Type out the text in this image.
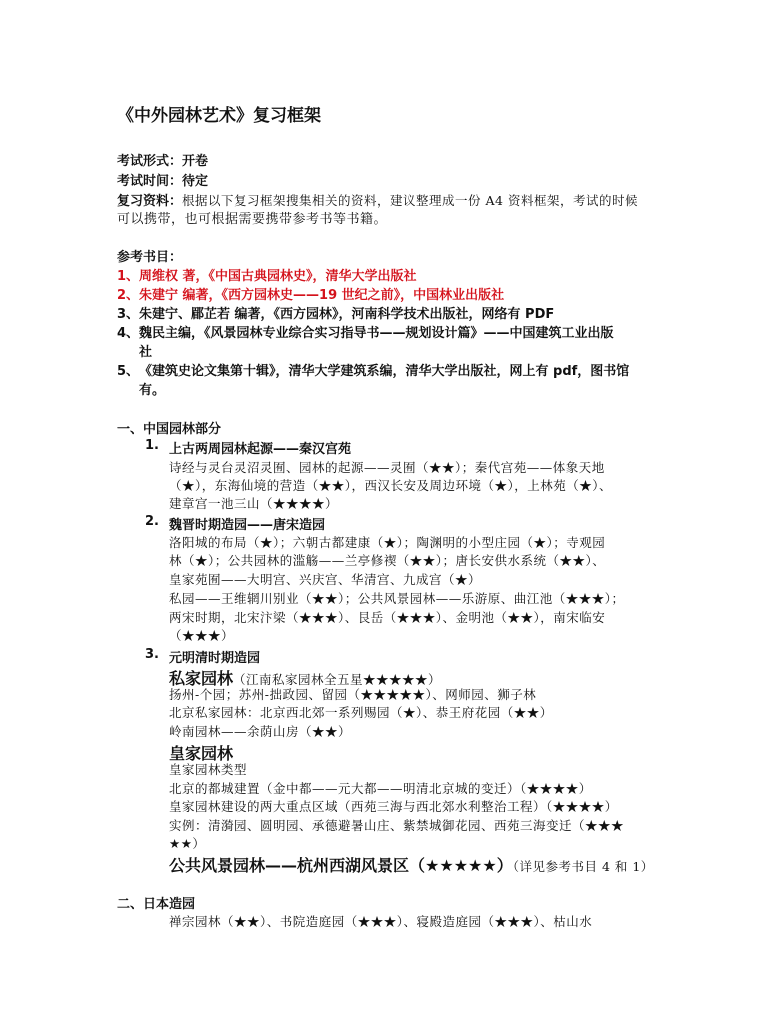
《中外园林艺术》复习框架
考试形式：开卷
考试时间：待定
复习资料：根据以下复习框架搜集相关的资料，建议整理成一份 A4 资料框架，考试的时候
可以携带，也可根据需要携带参考书等书籍。
参考书目：
1、周维权 著，《中国古典园林史》，清华大学出版社
2、朱建宁 编著，《西方园林史——19 世纪之前》，中国林业出版社
3、朱建宁、郿芷若 编著，《西方园林》，河南科学技术出版社，网络有 PDF
4、魏民主编，《风景园林专业综合实习指导书——规划设计篇》——中国建筑工业出版
社
5、《建筑史论文集第十辑》，清华大学建筑系编，清华大学出版社，网上有 pdf，图书馆
有。
一、中国园林部分
1. 上古两周园林起源——秦汉宫苑
诗经与灵台灵沼灵囿、园林的起源——灵囿（★★）；秦代宫苑——体象天地
（★），东海仙境的营造（★★），西汉长安及周边环境（★），上林苑（★）、
建章宫一池三山（★★★★）
2. 魏晋时期造园——唐宋造园
洛阳城的布局（★）；六朝古都建康（★）；陶渊明的小型庄园（★）；寺观园
林（★）；公共园林的滥觞——兰亭修禊（★★）；唐长安供水系统（★★）、
皇家苑囿——大明宫、兴庆宫、华清宫、九成宫（★）
私园——王维辋川别业（★★）；公共风景园林——乐游原、曲江池（★★★）；
两宋时期，北宋汴梁（★★★）、艮岳（★★★）、金明池（★★），南宋临安
（★★★）
3. 元明清时期造园
私家园林（江南私家园林全五星★★★★★）
扬州-个园；苏州-拙政园、留园（★★★★★）、网师园、狮子林
北京私家园林：北京西北郊一系列赐园（★）、恭王府花园（★★）
岭南园林——余荫山房（★★）
皇家园林
皇家园林类型
北京的都城建置（金中都——元大都——明清北京城的变迁）（★★★★）
皇家园林建设的两大重点区域（西苑三海与西北郊水利整治工程）（★★★★）
实例：清漪园、圆明园、承德避暑山庄、紫禁城御花园、西苑三海变迁（★★★
★★）
公共风景园林——杭州西湖风景区（★★★★★）（详见参考书目 4 和 1）
二、日本造园
禅宗园林（★★）、书院造庭园（★★★）、寝殿造庭园（★★★）、枯山水
